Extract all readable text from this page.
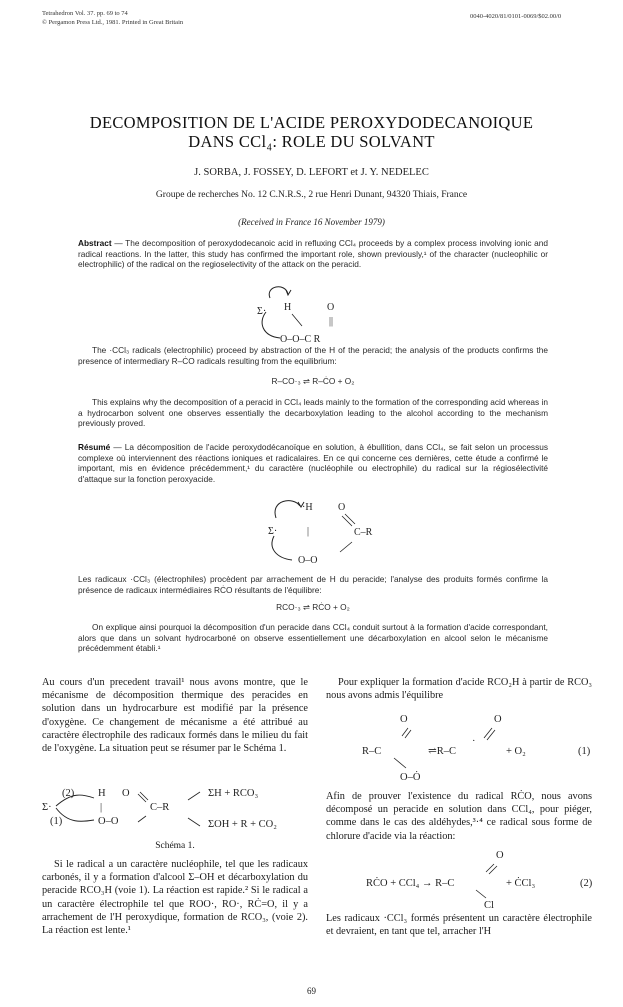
Tetrahedron Vol. 37. pp. 69 to 74
© Pergamon Press Ltd., 1981. Printed in Great Britain
0040-4020/81/0101-0069/$02.00/0
DECOMPOSITION DE L'ACIDE PEROXYDODECANOIQUE
DANS CCl₄: ROLE DU SOLVANT
J. SORBA, J. FOSSEY, D. LEFORT et J. Y. NEDELEC
Groupe de recherches No. 12 C.N.R.S., 2 rue Henri Dunant, 94320 Thiais, France
(Received in France 16 November 1979)
Abstract — The decomposition of peroxydodecanoic acid in refluxing CCl₄ proceeds by a complex process involving ionic and radical reactions. In the latter, this study has confirmed the important role, shown previously,¹ of the character (nucleophilic or electrophilic) of the radical on the regioselectivity of the attack on the peracid.
Σ· H
O–O–C R
O
||
The ·CCl₃ radicals (electrophilic) proceed by abstraction of the H of the peracid; the analysis of the products confirms the presence of intermediary R–ĊO radicals resulting from the equilibrium:
R–CO·₃ ⇌ R–ĊO + O₂
This explains why the decomposition of a peracid in CCl₄ leads mainly to the formation of the corresponding acid whereas in a hydrocarbon solvent one observes essentially the decarboxylation leading to the alcohol according to the mechanism previously proved.
Résumé — La décomposition de l'acide peroxydodécanoïque en solution, à ébullition, dans CCl₄, se fait selon un processus complexe où interviennent des réactions ioniques et radicalaires. En ce qui concerne ces dernières, cette étude a confirmé le important, mis en évidence précédemment,¹ du caractère (nucléophile ou electrophile) du radical sur la régiosélectivité d'attaque sur la fonction peroxyacide.
Σ·
·H
|
O
C–R
O–O
Les radicaux ·CCl₃ (électrophiles) procèdent par arrachement de H du peracide; l'analyse des produits formés confirme la présence de radicaux intermédiaires RĊO résultants de l'équilibre:
RCO·₃ ⇌ RĊO + O₂
On explique ainsi pourquoi la décomposition d'un peracide dans CCl₄ conduit surtout à la formation d'acide correspondant, alors que dans un solvant hydrocarboné on observe essentiellement une décarboxylation en alcool selon le mécanisme précédemment établi.¹
Au cours d'un precedent travail¹ nous avons montre, que le mécanisme de décomposition thermique des peracides en solution dans un hydrocarbure est modifié par la présence d'oxygène. Ce changement de mécanisme a été attribué au caractère électrophile des radicaux formés dans le milieu du fait de l'oxygène. La situation peut se résumer par le Schéma 1.
(2)
Σ·
(1)
H O
|
O–O
C–R
ΣH + RCO₃
ΣOH + R + CO₂
Schéma 1.
Si le radical a un caractère nucléophile, tel que les radicaux carbonés, il y a formation d'alcool Σ–OH et décarboxylation du peracide RCO₃H (voie 1). La réaction est rapide.² Si le radical a un caractère électrophile tel que ROO·, RO·, RĊ=O, il y a arrachement de l'H peroxydique, formation de RCO₃, (voie 2). La réaction est lente.¹
Pour expliquer la formation d'acide RCO₂H à partir de RCO₃ nous avons admis l'équilibre
O
R–C
O–Ȯ
⇌R–C
O
·
+ O₂	(1)
Afin de prouver l'existence du radical RĊO, nous avons décomposé un peracide en solution dans CCl₄, pour piéger, comme dans le cas des aldéhydes,³·⁴ ce radical sous forme de chlorure d'acide via la réaction:
O
RĊO + CCl₄ → R–C	+ ĊCl₃
Cl
(2)
Les radicaux ·CCl₃ formés présentent un caractère électrophile et devraient, en tant que tel, arracher l'H
69
